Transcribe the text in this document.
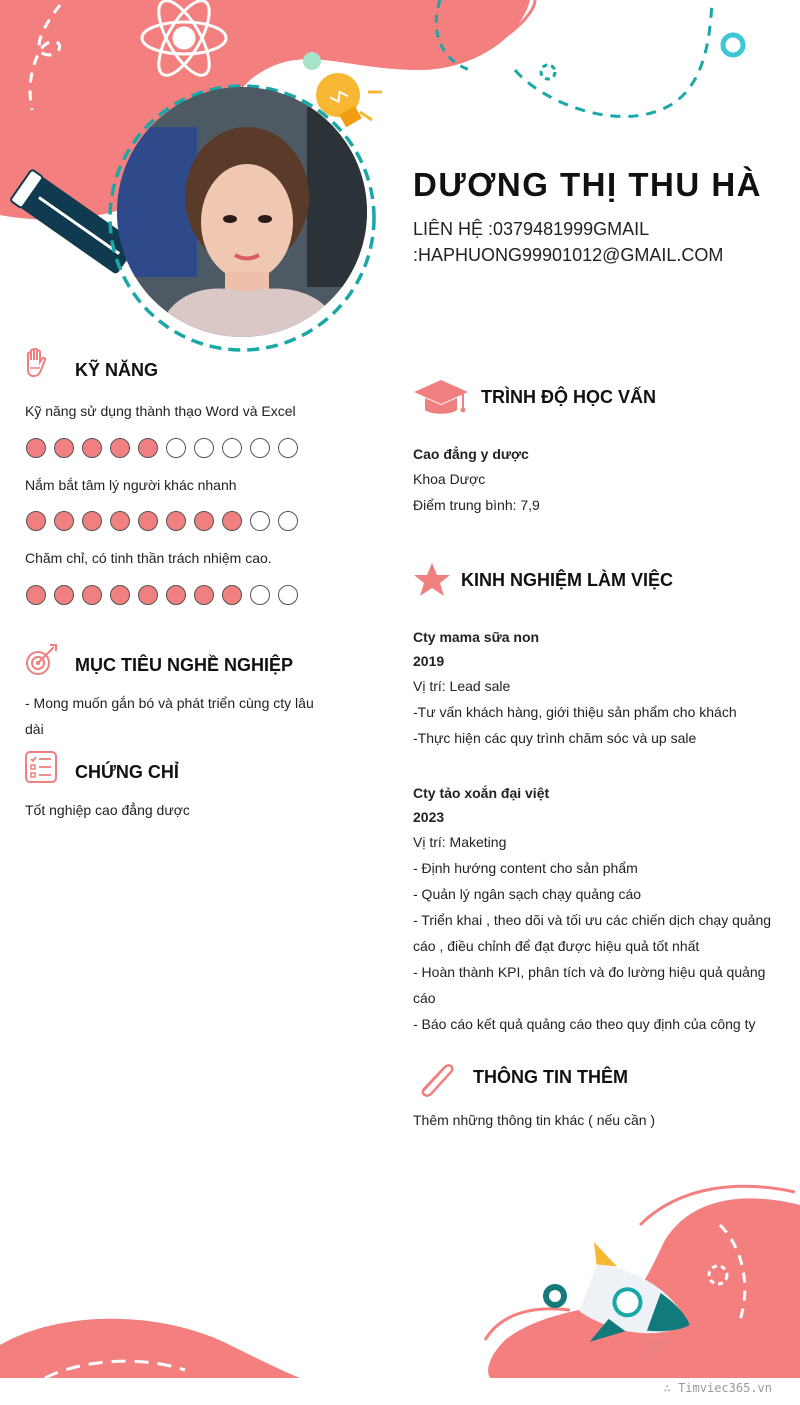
DƯƠNG THỊ THU HÀ
LIÊN HỆ :0379481999GMAIL
:HAPHUONG99901012@GMAIL.COM
KỸ NĂNG
Kỹ năng sử dụng thành thạo Word và Excel
Nắm bắt tâm lý người khác nhanh
Chăm chỉ, có tinh thần trách nhiệm cao.
MỤC TIÊU NGHỀ NGHIỆP
- Mong muốn gắn bó và phát triển cùng cty lâu
dài
CHỨNG CHỈ
Tốt nghiệp cao đẳng dược
TRÌNH ĐỘ HỌC VẤN
Cao đẳng y dược
Khoa Dược
Điểm trung bình: 7,9
KINH NGHIỆM LÀM VIỆC
Cty mama sữa non
2019
Vị trí: Lead sale
-Tư vấn khách hàng, giới thiệu sản phẩm cho khách
-Thực hiện các quy trình chăm sóc và up sale
Cty tảo xoắn đại việt
2023
Vị trí: Maketing
- Định hướng content cho sản phẩm
- Quản lý ngân sạch chạy quảng cáo
- Triển khai , theo dõi và tối ưu các chiến dịch chạy quảng
cáo , điều chỉnh để đạt được hiệu quả tốt nhất
- Hoàn thành KPI, phân tích và đo lường hiệu quả quảng
cáo
- Báo cáo kết quả quảng cáo theo quy định của công ty
THÔNG TIN THÊM
Thêm những thông tin khác ( nếu cần )
∴ Timviec365.vn
